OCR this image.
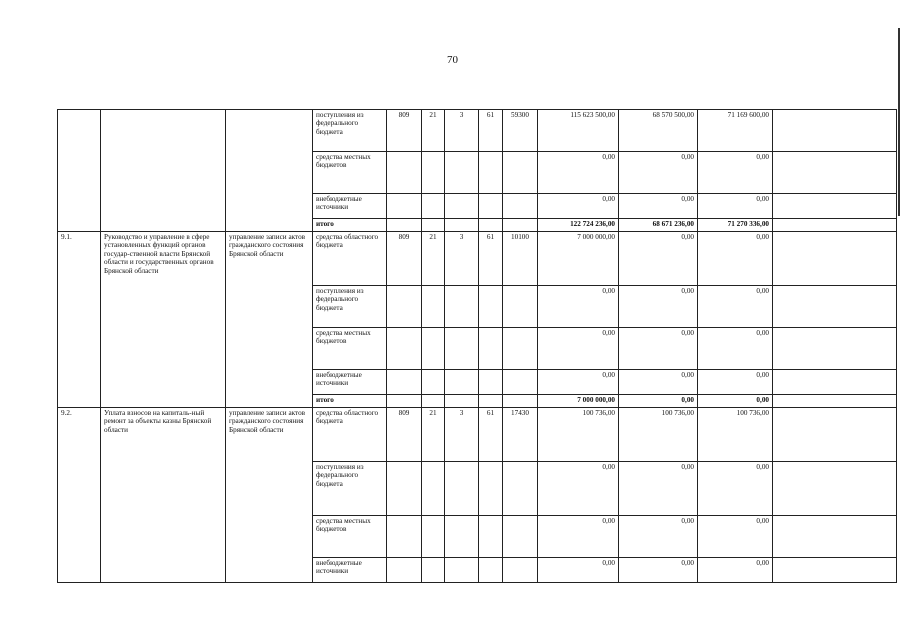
70
			поступления из федерального бюджета	809	21	3	61	59300	115 623 500,00	68 570 500,00	71 169 600,00	
			средства местных бюджетов						0,00	0,00	0,00	
			внебюджетные источники						0,00	0,00	0,00	
			итого						122 724 236,00	68 671 236,00	71 270 336,00	
9.1.	Руководство и управление в сфере установленных функций органов государ-ственной власти Брянской области и государственных органов Брянской области	управление записи актов гражданского состояния Брянской области	средства областного бюджета	809	21	3	61	10100	7 000 000,00	0,00	0,00	
			поступления из федерального бюджета						0,00	0,00	0,00	
			средства местных бюджетов						0,00	0,00	0,00	
			внебюджетные источники						0,00	0,00	0,00	
			итого						7 000 000,00	0,00	0,00	
9.2.	Уплата взносов на капиталь-ный ремонт за объекты казны Брянской области	управление записи актов гражданского состояния Брянской области	средства областного бюджета	809	21	3	61	17430	100 736,00	100 736,00	100 736,00	
			поступления из федерального бюджета						0,00	0,00	0,00	
			средства местных бюджетов						0,00	0,00	0,00	
			внебюджетные источники						0,00	0,00	0,00	
